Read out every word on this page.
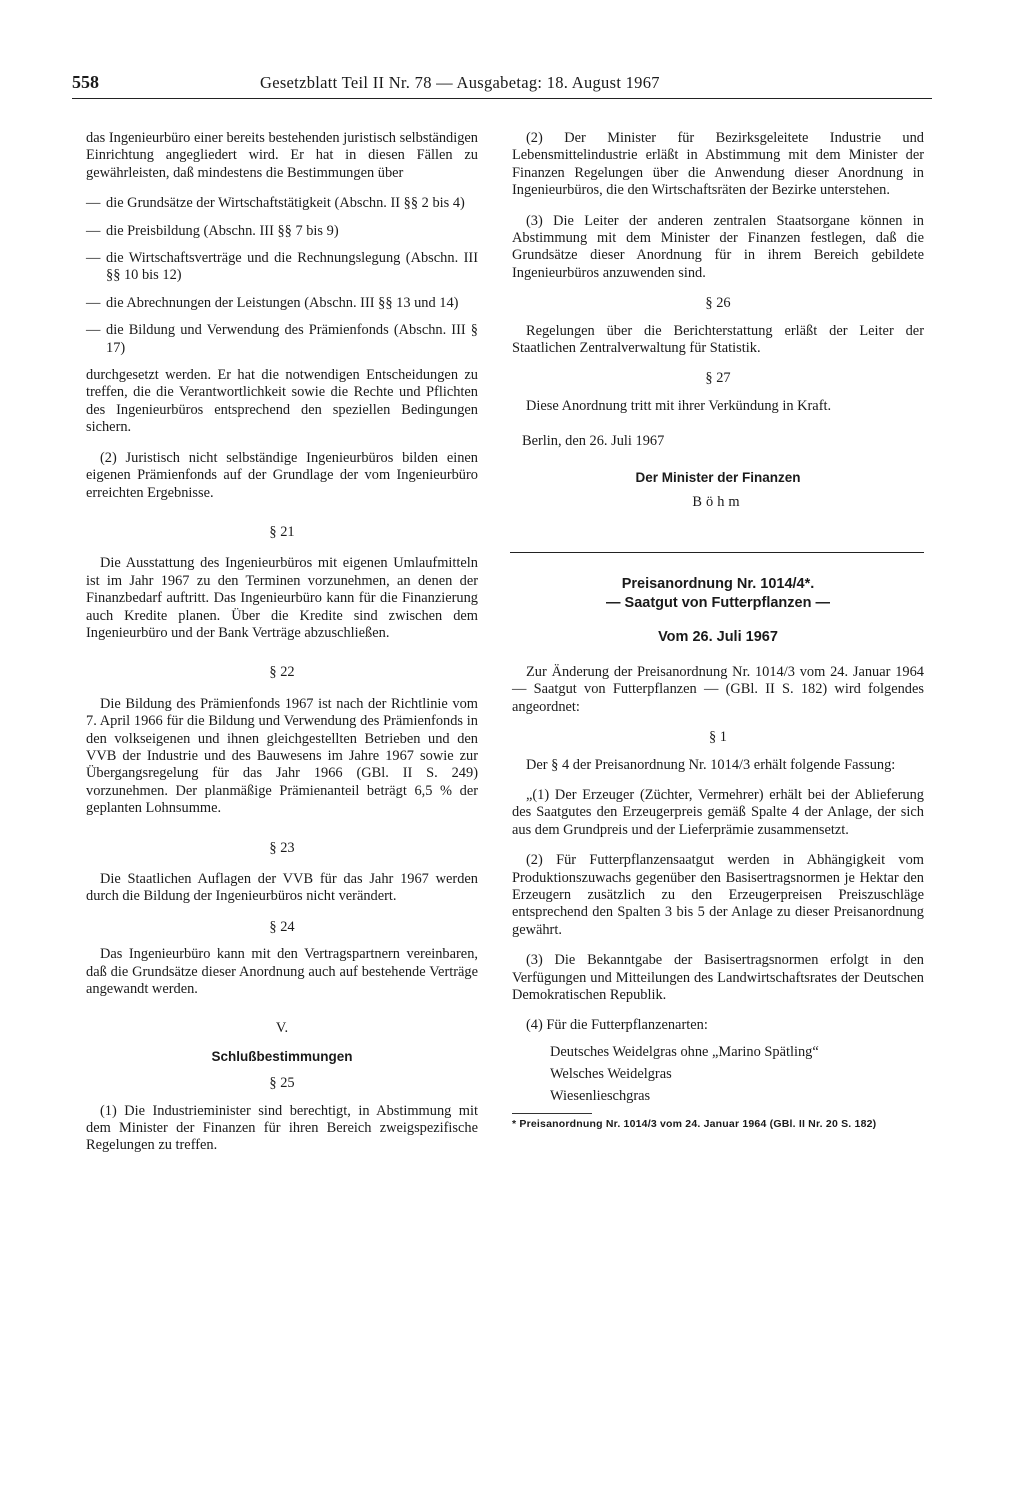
558	Gesetzblatt Teil II Nr. 78 — Ausgabetag: 18. August 1967

das Ingenieurbüro einer bereits bestehenden juristisch selbständigen Einrichtung angegliedert wird. Er hat in diesen Fällen zu gewährleisten, daß mindestens die Bestimmungen über

— die Grundsätze der Wirtschaftstätigkeit (Abschn. II §§ 2 bis 4)
— die Preisbildung (Abschn. III §§ 7 bis 9)
— die Wirtschaftsverträge und die Rechnungslegung (Abschn. III §§ 10 bis 12)
— die Abrechnungen der Leistungen (Abschn. III §§ 13 und 14)
— die Bildung und Verwendung des Prämienfonds (Abschn. III § 17)

durchgesetzt werden. Er hat die notwendigen Entscheidungen zu treffen, die die Verantwortlichkeit sowie die Rechte und Pflichten des Ingenieurbüros entsprechend den speziellen Bedingungen sichern.

(2) Juristisch nicht selbständige Ingenieurbüros bilden einen eigenen Prämienfonds auf der Grundlage der vom Ingenieurbüro erreichten Ergebnisse.

§ 21

Die Ausstattung des Ingenieurbüros mit eigenen Umlaufmitteln ist im Jahr 1967 zu den Terminen vorzunehmen, an denen der Finanzbedarf auftritt. Das Ingenieurbüro kann für die Finanzierung auch Kredite planen. Über die Kredite sind zwischen dem Ingenieurbüro und der Bank Verträge abzuschließen.

§ 22

Die Bildung des Prämienfonds 1967 ist nach der Richtlinie vom 7. April 1966 für die Bildung und Verwendung des Prämienfonds in den volkseigenen und ihnen gleichgestellten Betrieben und den VVB der Industrie und des Bauwesens im Jahre 1967 sowie zur Übergangsregelung für das Jahr 1966 (GBl. II S. 249) vorzunehmen. Der planmäßige Prämienanteil beträgt 6,5 % der geplanten Lohnsumme.

§ 23

Die Staatlichen Auflagen der VVB für das Jahr 1967 werden durch die Bildung der Ingenieurbüros nicht verändert.

§ 24

Das Ingenieurbüro kann mit den Vertragspartnern vereinbaren, daß die Grundsätze dieser Anordnung auch auf bestehende Verträge angewandt werden.

V.
Schlußbestimmungen
§ 25

(1) Die Industrieminister sind berechtigt, in Abstimmung mit dem Minister der Finanzen für ihren Bereich zweigspezifische Regelungen zu treffen.

(2) Der Minister für Bezirksgeleitete Industrie und Lebensmittelindustrie erläßt in Abstimmung mit dem Minister der Finanzen Regelungen über die Anwendung dieser Anordnung in Ingenieurbüros, die den Wirtschaftsräten der Bezirke unterstehen.

(3) Die Leiter der anderen zentralen Staatsorgane können in Abstimmung mit dem Minister der Finanzen festlegen, daß die Grundsätze dieser Anordnung für in ihrem Bereich gebildete Ingenieurbüros anzuwenden sind.

§ 26

Regelungen über die Berichterstattung erläßt der Leiter der Staatlichen Zentralverwaltung für Statistik.

§ 27

Diese Anordnung tritt mit ihrer Verkündung in Kraft.

Berlin, den 26. Juli 1967
Der Minister der Finanzen
Böhm
Preisanordnung Nr. 1014/4*.
— Saatgut von Futterpflanzen —
Vom 26. Juli 1967

Zur Änderung der Preisanordnung Nr. 1014/3 vom 24. Januar 1964 — Saatgut von Futterpflanzen — (GBl. II S. 182) wird folgendes angeordnet:

§ 1

Der § 4 der Preisanordnung Nr. 1014/3 erhält folgende Fassung:

„(1) Der Erzeuger (Züchter, Vermehrer) erhält bei der Ablieferung des Saatgutes den Erzeugerpreis gemäß Spalte 4 der Anlage, der sich aus dem Grundpreis und der Lieferprämie zusammensetzt.

(2) Für Futterpflanzensaatgut werden in Abhängigkeit vom Produktionszuwachs gegenüber den Basisertragsnormen je Hektar den Erzeugern zusätzlich zu den Erzeugerpreisen Preiszuschläge entsprechend den Spalten 3 bis 5 der Anlage zu dieser Preisanordnung gewährt.

(3) Die Bekanntgabe der Basisertragsnormen erfolgt in den Verfügungen und Mitteilungen des Landwirtschaftsrates der Deutschen Demokratischen Republik.

(4) Für die Futterpflanzenarten:

Deutsches Weidelgras ohne „Marino Spätling“
Welsches Weidelgras
Wiesenlieschgras
* Preisanordnung Nr. 1014/3 vom 24. Januar 1964 (GBl. II Nr. 20 S. 182)
